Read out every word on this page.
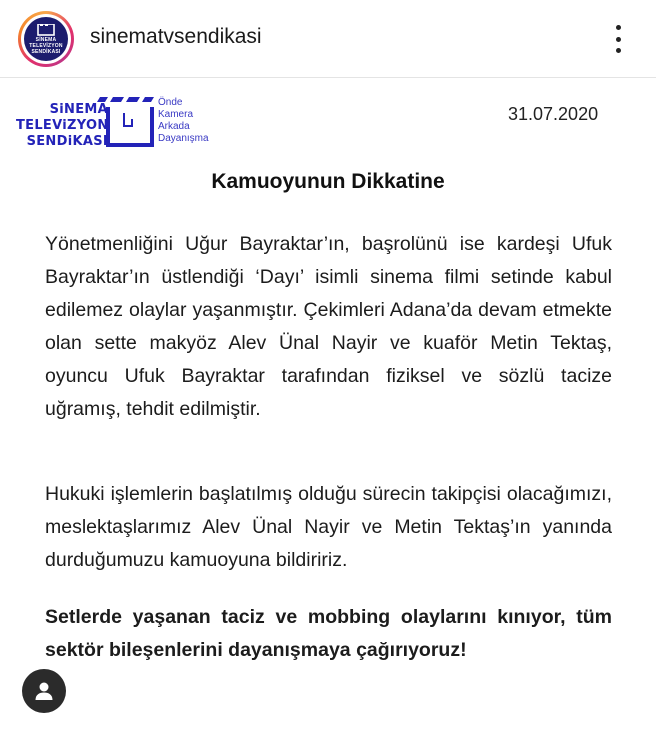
SİNEMA
TELEVİZYON
SENDİKASI
sinematvsendikasi
SiNEMA
TELEViZYON
SENDiKASI
Önde
Kamera
Arkada
Dayanışma
31.07.2020
Kamuoyunun Dikkatine

Yönetmenliğini Uğur Bayraktar’ın, başrolünü ise kardeşi Ufuk Bayraktar’ın üstlendiği ‘Dayı’ isimli sinema filmi setinde kabul edilemez olaylar yaşanmıştır. Çekimleri Adana’da devam etmekte olan sette makyöz Alev Ünal Nayir ve kuaför Metin Tektaş, oyuncu Ufuk Bayraktar tarafından fiziksel ve sözlü tacize uğramış, tehdit edilmiştir.

Hukuki işlemlerin başlatılmış olduğu sürecin takipçisi olacağımızı, meslektaşlarımız Alev Ünal Nayir ve Metin Tektaş’ın yanında durduğumuzu kamuoyuna bildiririz.

Setlerde yaşanan taciz ve mobbing olaylarını kınıyor, tüm sektör bileşenlerini dayanışmaya çağırıyoruz!
